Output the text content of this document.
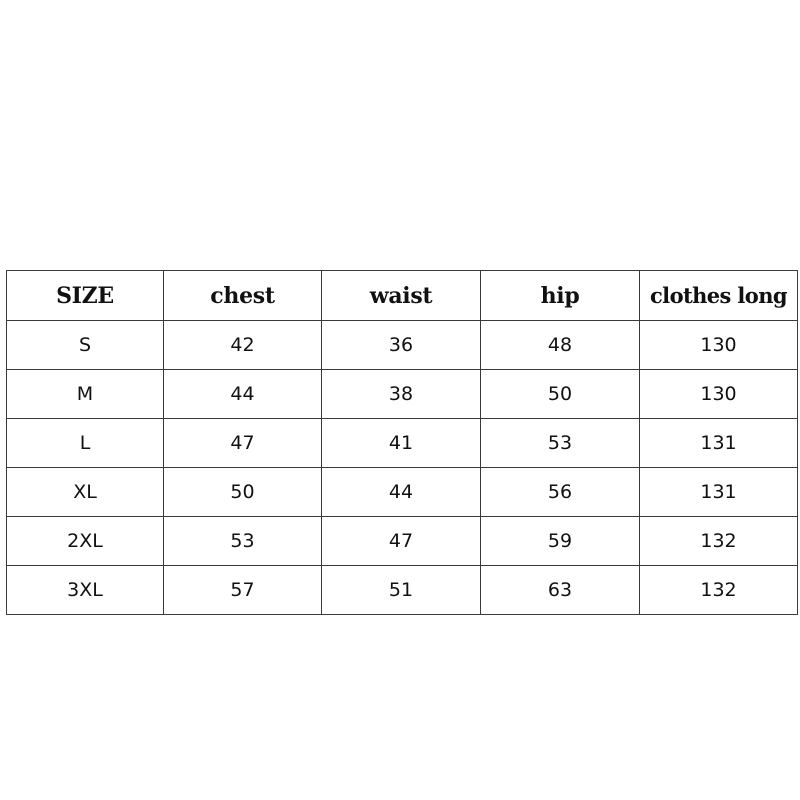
SIZE	chest	waist	hip	clothes long
S	42	36	48	130
M	44	38	50	130
L	47	41	53	131
XL	50	44	56	131
2XL	53	47	59	132
3XL	57	51	63	132
